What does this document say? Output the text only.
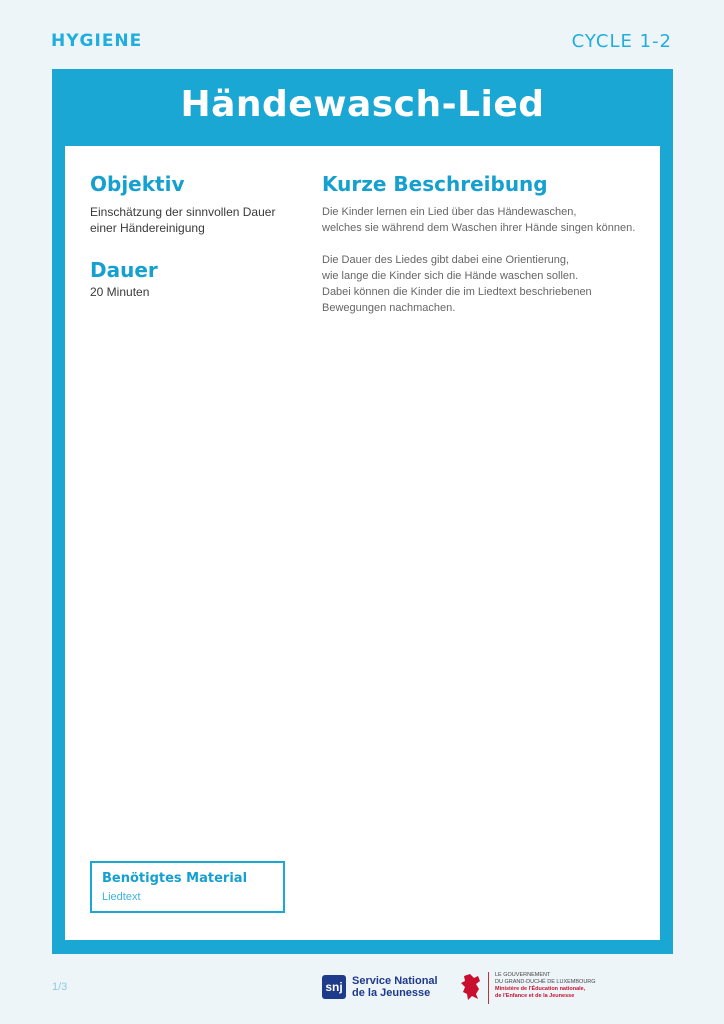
HYGIENE	CYCLE 1-2
Händewasch-Lied
Objektiv
Einschätzung der sinnvollen Dauer
einer Händereinigung
Dauer
20 Minuten
Kurze Beschreibung

Die Kinder lernen ein Lied über das Händewaschen,

welches sie während dem Waschen ihrer Hände singen können.

Die Dauer des Liedes gibt dabei eine Orientierung,

wie lange die Kinder sich die Hände waschen sollen.

Dabei können die Kinder die im Liedtext beschriebenen

Bewegungen nachmachen.

Benötigtes Material
Liedtext
1/3	snj Service National
de la Jeunesse
LE GOUVERNEMENT
DU GRAND-DUCHÉ DE LUXEMBOURG
Ministère de l'Éducation nationale,
de l'Enfance et de la Jeunesse
